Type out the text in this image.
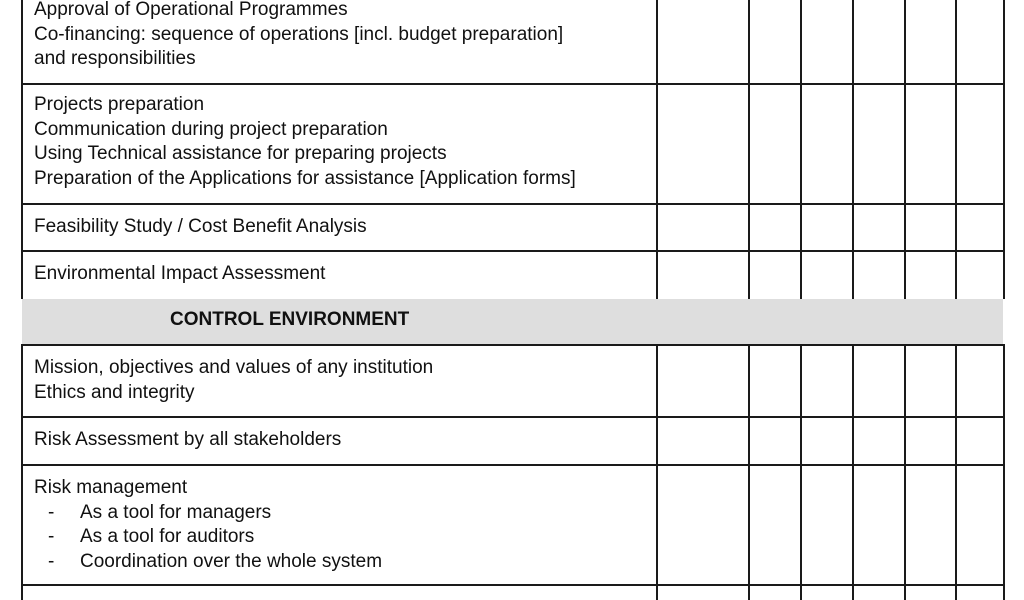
CONTROL ENVIRONMENT
Approval of Operational Programmes
Co-financing: sequence of operations [incl. budget preparation]
and responsibilities
Projects preparation
Communication during project preparation
Using Technical assistance for preparing projects
Preparation of the Applications for assistance [Application forms]
Feasibility Study / Cost Benefit Analysis
Environmental Impact Assessment
Mission, objectives and values of any institution
Ethics and integrity
Risk Assessment by all stakeholders
Risk management
- As a tool for managers
- As a tool for auditors
- Coordination over the whole system
